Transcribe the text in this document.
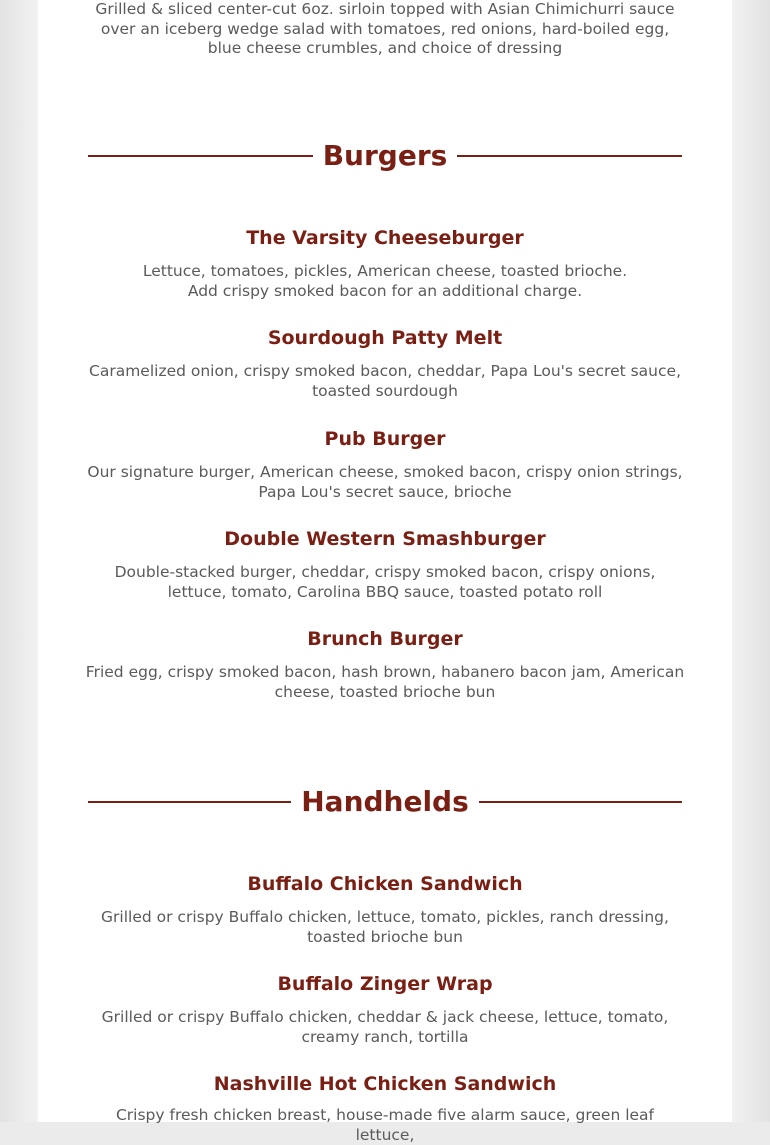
Grilled & sliced center-cut 6oz. sirloin topped with Asian Chimichurri sauce over an iceberg wedge salad with tomatoes, red onions, hard-boiled egg, blue cheese crumbles, and choice of dressing
Burgers
The Varsity Cheeseburger
Lettuce, tomatoes, pickles, American cheese, toasted brioche.
Add crispy smoked bacon for an additional charge.
Sourdough Patty Melt
Caramelized onion, crispy smoked bacon, cheddar, Papa Lou's secret sauce, toasted sourdough
Pub Burger
Our signature burger, American cheese, smoked bacon, crispy onion strings, Papa Lou's secret sauce, brioche
Double Western Smashburger
Double-stacked burger, cheddar, crispy smoked bacon, crispy onions, lettuce, tomato, Carolina BBQ sauce, toasted potato roll
Brunch Burger
Fried egg, crispy smoked bacon, hash brown, habanero bacon jam, American cheese, toasted brioche bun
Handhelds
Buffalo Chicken Sandwich
Grilled or crispy Buffalo chicken, lettuce, tomato, pickles, ranch dressing, toasted brioche bun
Buffalo Zinger Wrap
Grilled or crispy Buffalo chicken, cheddar & jack cheese, lettuce, tomato, creamy ranch, tortilla
Nashville Hot Chicken Sandwich
Crispy fresh chicken breast, house-made five alarm sauce, green leaf lettuce,
